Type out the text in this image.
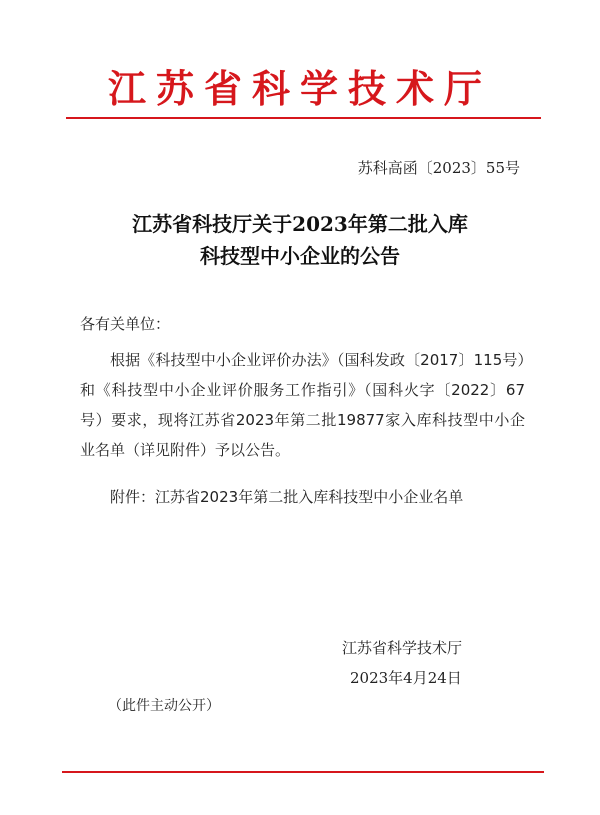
江苏省科学技术厅
苏科高函〔2023〕55号
江苏省科技厅关于2023年第二批入库
科技型中小企业的公告
各有关单位：
根据《科技型中小企业评价办法》（国科发政〔2017〕115号）和《科技型中小企业评价服务工作指引》（国科火字〔2022〕67号）要求，现将江苏省2023年第二批19877家入库科技型中小企业名单（详见附件）予以公告。
附件：江苏省2023年第二批入库科技型中小企业名单
江苏省科学技术厅
2023年4月24日
（此件主动公开）
